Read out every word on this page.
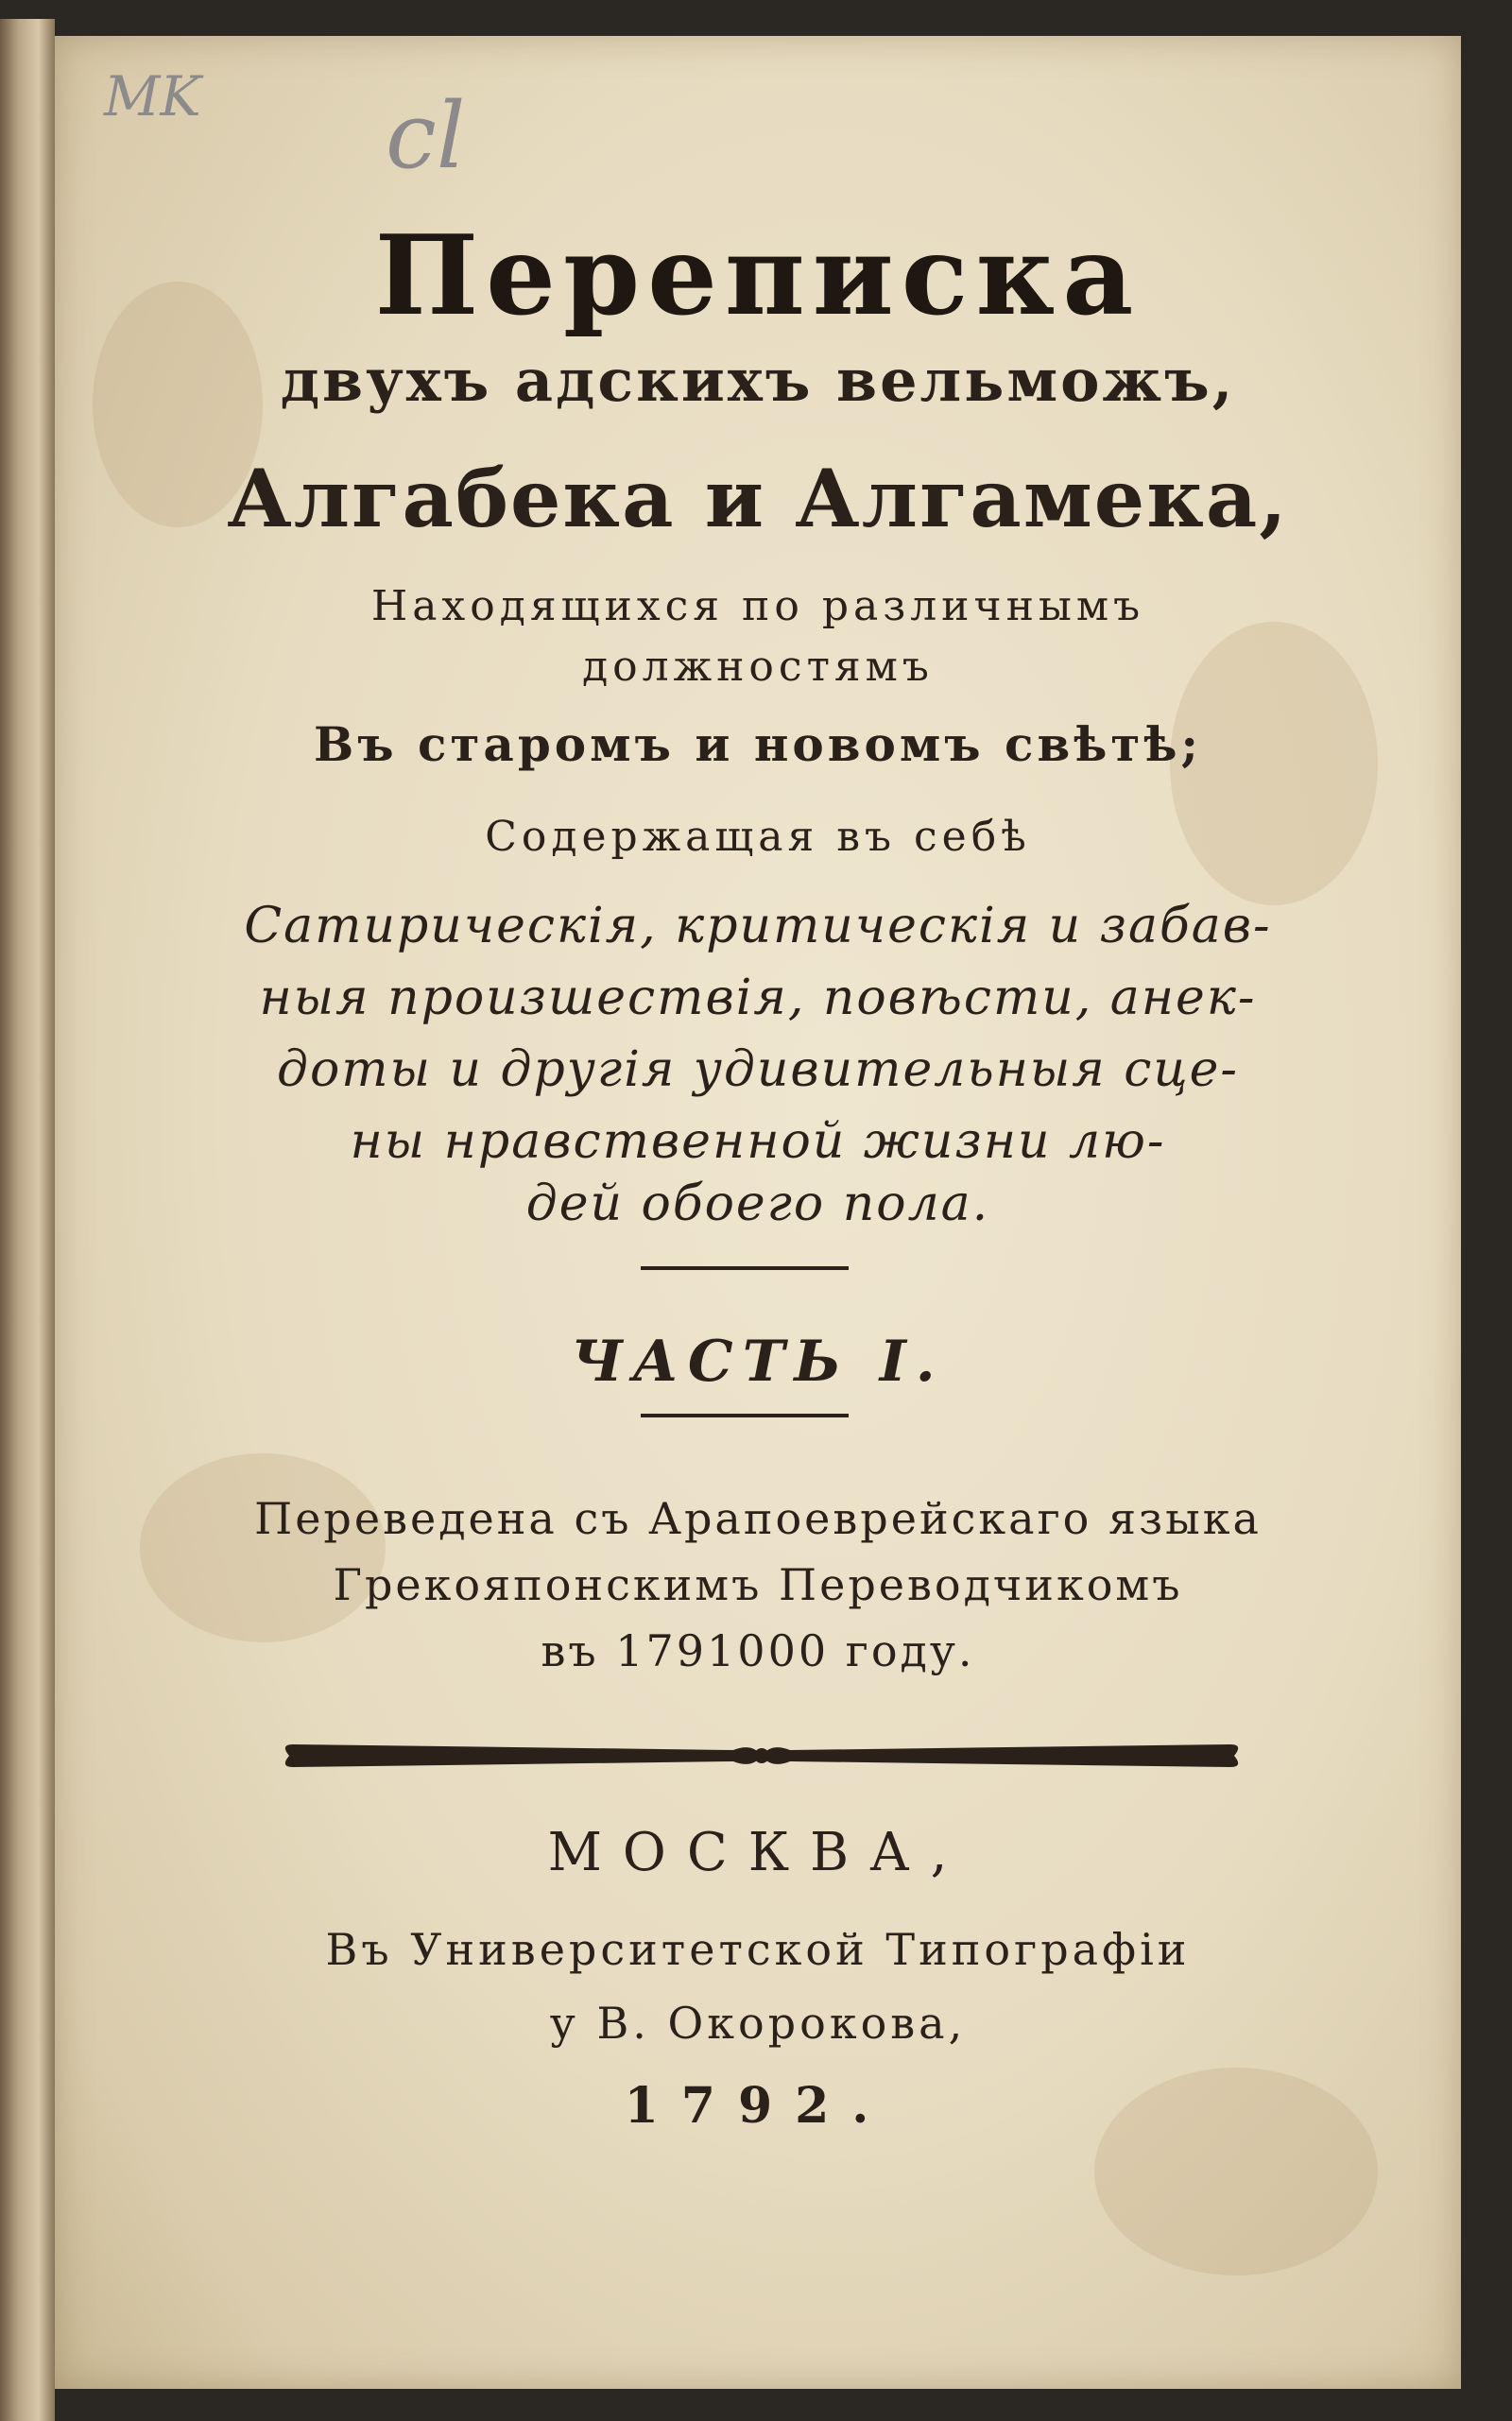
MK cl
Переписка
двухъ адскихъ вельможъ,
Алгабека и Алгамека,
Находящихся по различнымъ
должностямъ
Въ старомъ и новомъ свѣтѣ;
Содержащая въ себѣ
Сатирическія, критическія и забав-
ныя произшествія, повѣсти, анек-
доты и другія удивительныя сце-
ны нравственной жизни лю-
дей обоего пола.
ЧАСТЬ I.
Переведена съ Арапоеврейскаго языка
Грекояпонскимъ Переводчикомъ
въ 1791000 году.
МОСКВА,
Въ Университетской Типографіи
у В. Окорокова,
1792.
